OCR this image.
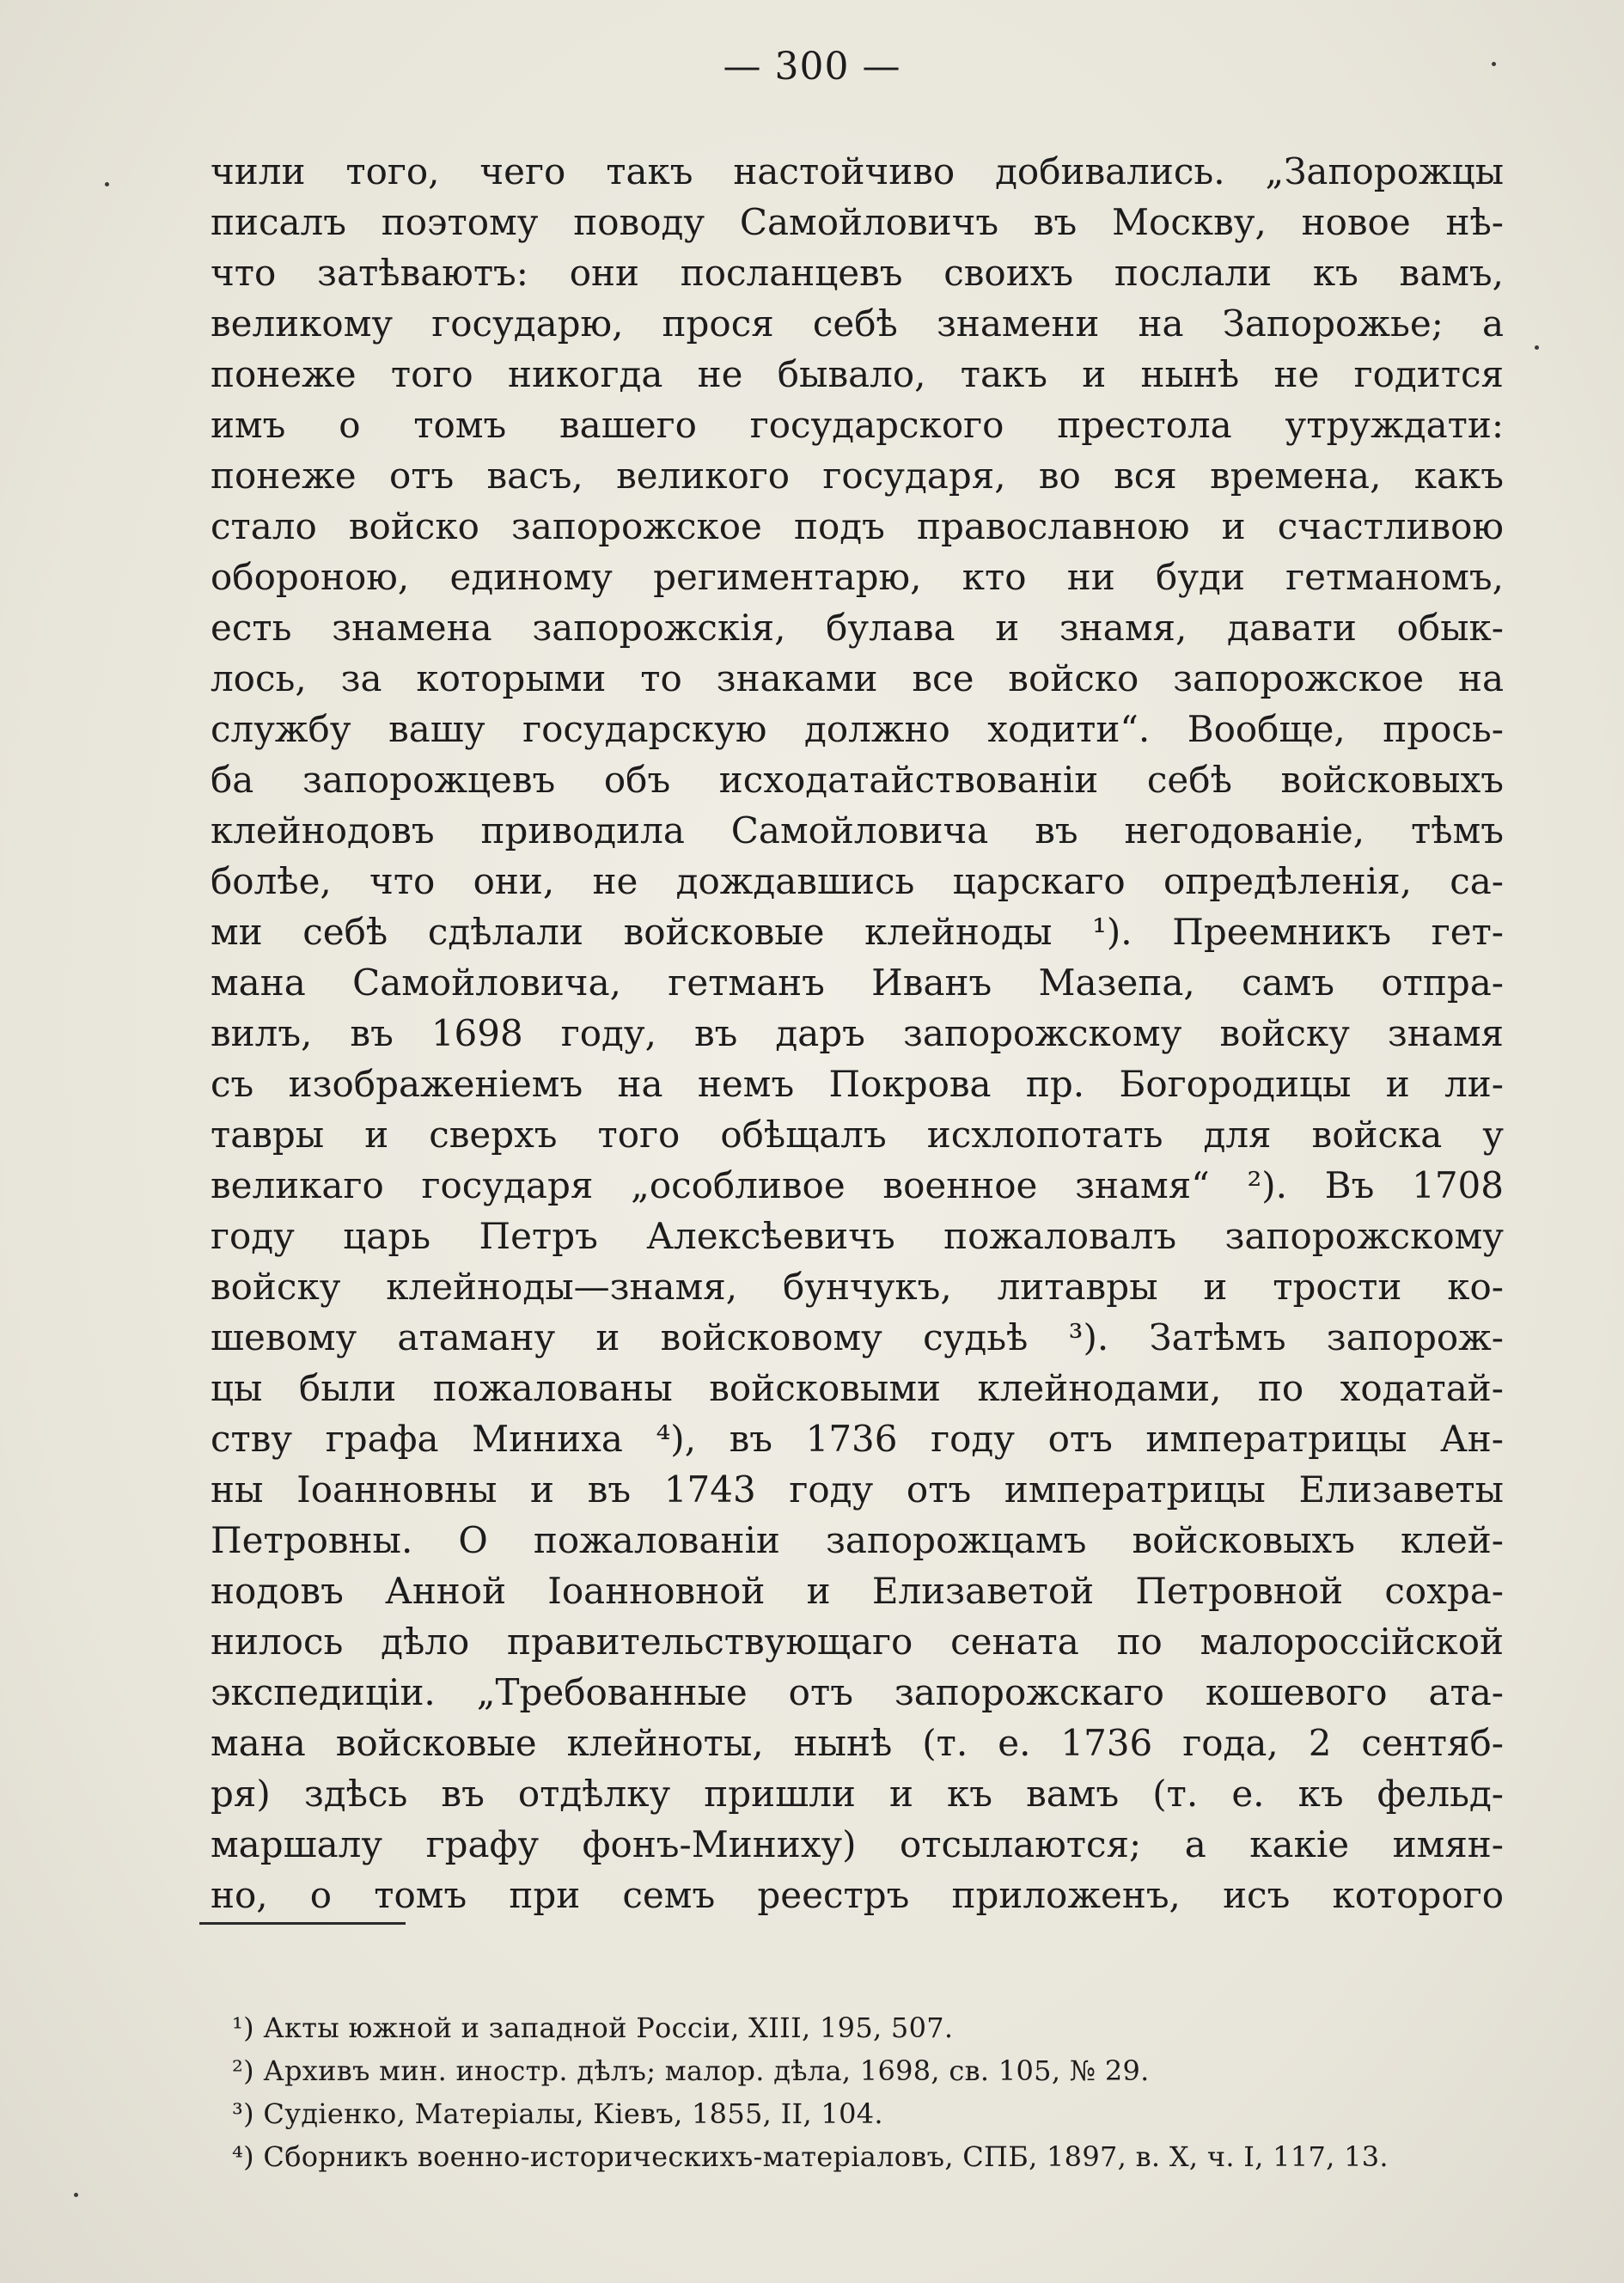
— 300 —
чили того, чего такъ настойчиво добивались. „Запорожцы
писалъ поэтому поводу Самойловичъ въ Москву, новое нѣ-
что затѣваютъ: они посланцевъ своихъ послали къ вамъ,
великому государю, прося себѣ знамени на Запорожье; а
понеже того никогда не бывало, такъ и нынѣ не годится
имъ о томъ вашего государского престола утруждати:
понеже отъ васъ, великого государя, во вся времена, какъ
стало войско запорожское подъ православною и счастливою
обороною, единому региментарю, кто ни буди гетманомъ,
есть знамена запорожскія, булава и знамя, давати обык-
лось, за которыми то знаками все войско запорожское на
службу вашу государскую должно ходити“. Вообще, прось-
ба запорожцевъ объ исходатайствованіи себѣ войсковыхъ
клейнодовъ приводила Самойловича въ негодованіе, тѣмъ
болѣе, что они, не дождавшись царскаго опредѣленія, са-
ми себѣ сдѣлали войсковые клейноды ¹). Преемникъ гет-
мана Самойловича, гетманъ Иванъ Мазепа, самъ отпра-
вилъ, въ 1698 году, въ даръ запорожскому войску знамя
съ изображеніемъ на немъ Покрова пр. Богородицы и ли-
тавры и сверхъ того обѣщалъ исхлопотать для войска у
великаго государя „особливое военное знамя“ ²). Въ 1708
году царь Петръ Алексѣевичъ пожаловалъ запорожскому
войску клейноды—знамя, бунчукъ, литавры и трости ко-
шевому атаману и войсковому судьѣ ³). Затѣмъ запорож-
цы были пожалованы войсковыми клейнодами, по ходатай-
ству графа Миниха ⁴), въ 1736 году отъ императрицы Ан-
ны Іоанновны и въ 1743 году отъ императрицы Елизаветы
Петровны. О пожалованіи запорожцамъ войсковыхъ клей-
нодовъ Анной Іоанновной и Елизаветой Петровной сохра-
нилось дѣло правительствующаго сената по малороссійской
экспедиціи. „Требованные отъ запорожскаго кошевого ата-
мана войсковые клейноты, нынѣ (т. е. 1736 года, 2 сентяб-
ря) здѣсь въ отдѣлку пришли и къ вамъ (т. е. къ фельд-
маршалу графу фонъ-Миниху) отсылаются; а какіе имян-
но, о томъ при семъ реестръ приложенъ, исъ которого
¹) Акты южной и западной Россіи, XIII, 195, 507.
²) Архивъ мин. иностр. дѣлъ; малор. дѣла, 1698, св. 105, № 29.
³) Судіенко, Матеріалы, Кіевъ, 1855, II, 104.
⁴) Сборникъ военно-историческихъ-матеріаловъ, СПБ, 1897, в. X, ч. I, 117, 13.
